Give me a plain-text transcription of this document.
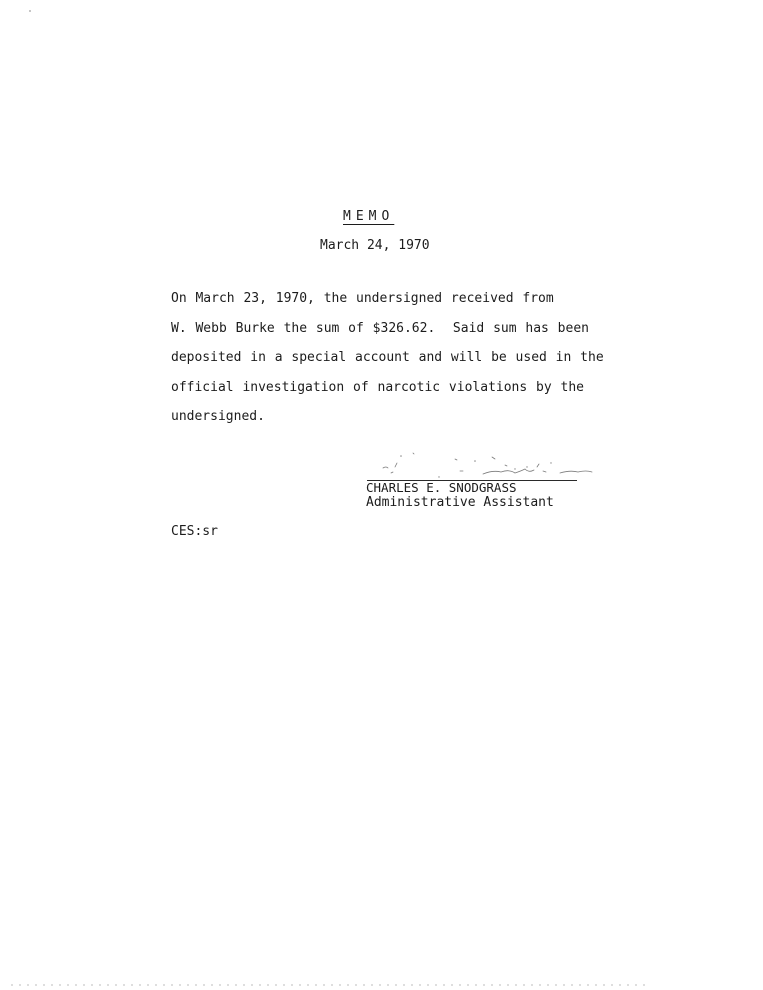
MEMO
March 24, 1970
On March 23, 1970, the undersigned received from
W. Webb Burke the sum of $326.62.  Said sum has been
deposited in a special account and will be used in the
official investigation of narcotic violations by the
undersigned.
CHARLES E. SNODGRASS
Administrative Assistant
CES:sr
